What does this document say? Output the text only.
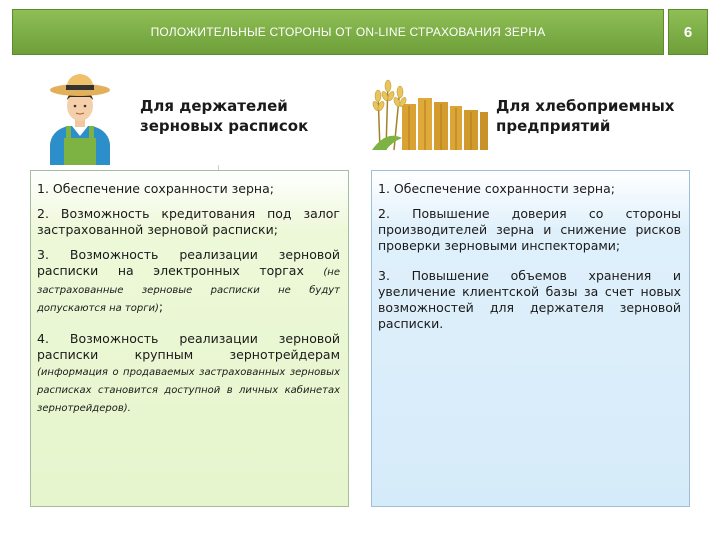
ПОЛОЖИТЕЛЬНЫЕ СТОРОНЫ ОТ ON-LINE СТРАХОВАНИЯ ЗЕРНА	6
Для держателей зерновых расписок
Для хлебоприемных предприятий

1. Обеспечение сохранности зерна;

2. Возможность кредитования под залог застрахованной зерновой расписки;

3. Возможность реализации зерновой расписки на электронных торгах (не застрахованные зерновые расписки не будут допускаются на торги);

4. Возможность реализации зерновой расписки крупным зернотрейдерам (информация о продаваемых застрахованных зерновых расписках становится доступной в личных кабинетах зернотрейдеров).

1. Обеспечение сохранности зерна;

2. Повышение доверия со стороны производителей зерна и снижение рисков проверки зерновыми инспекторами;

3. Повышение объемов хранения и увеличение клиентской базы за счет новых возможностей для держателя зерновой расписки.
